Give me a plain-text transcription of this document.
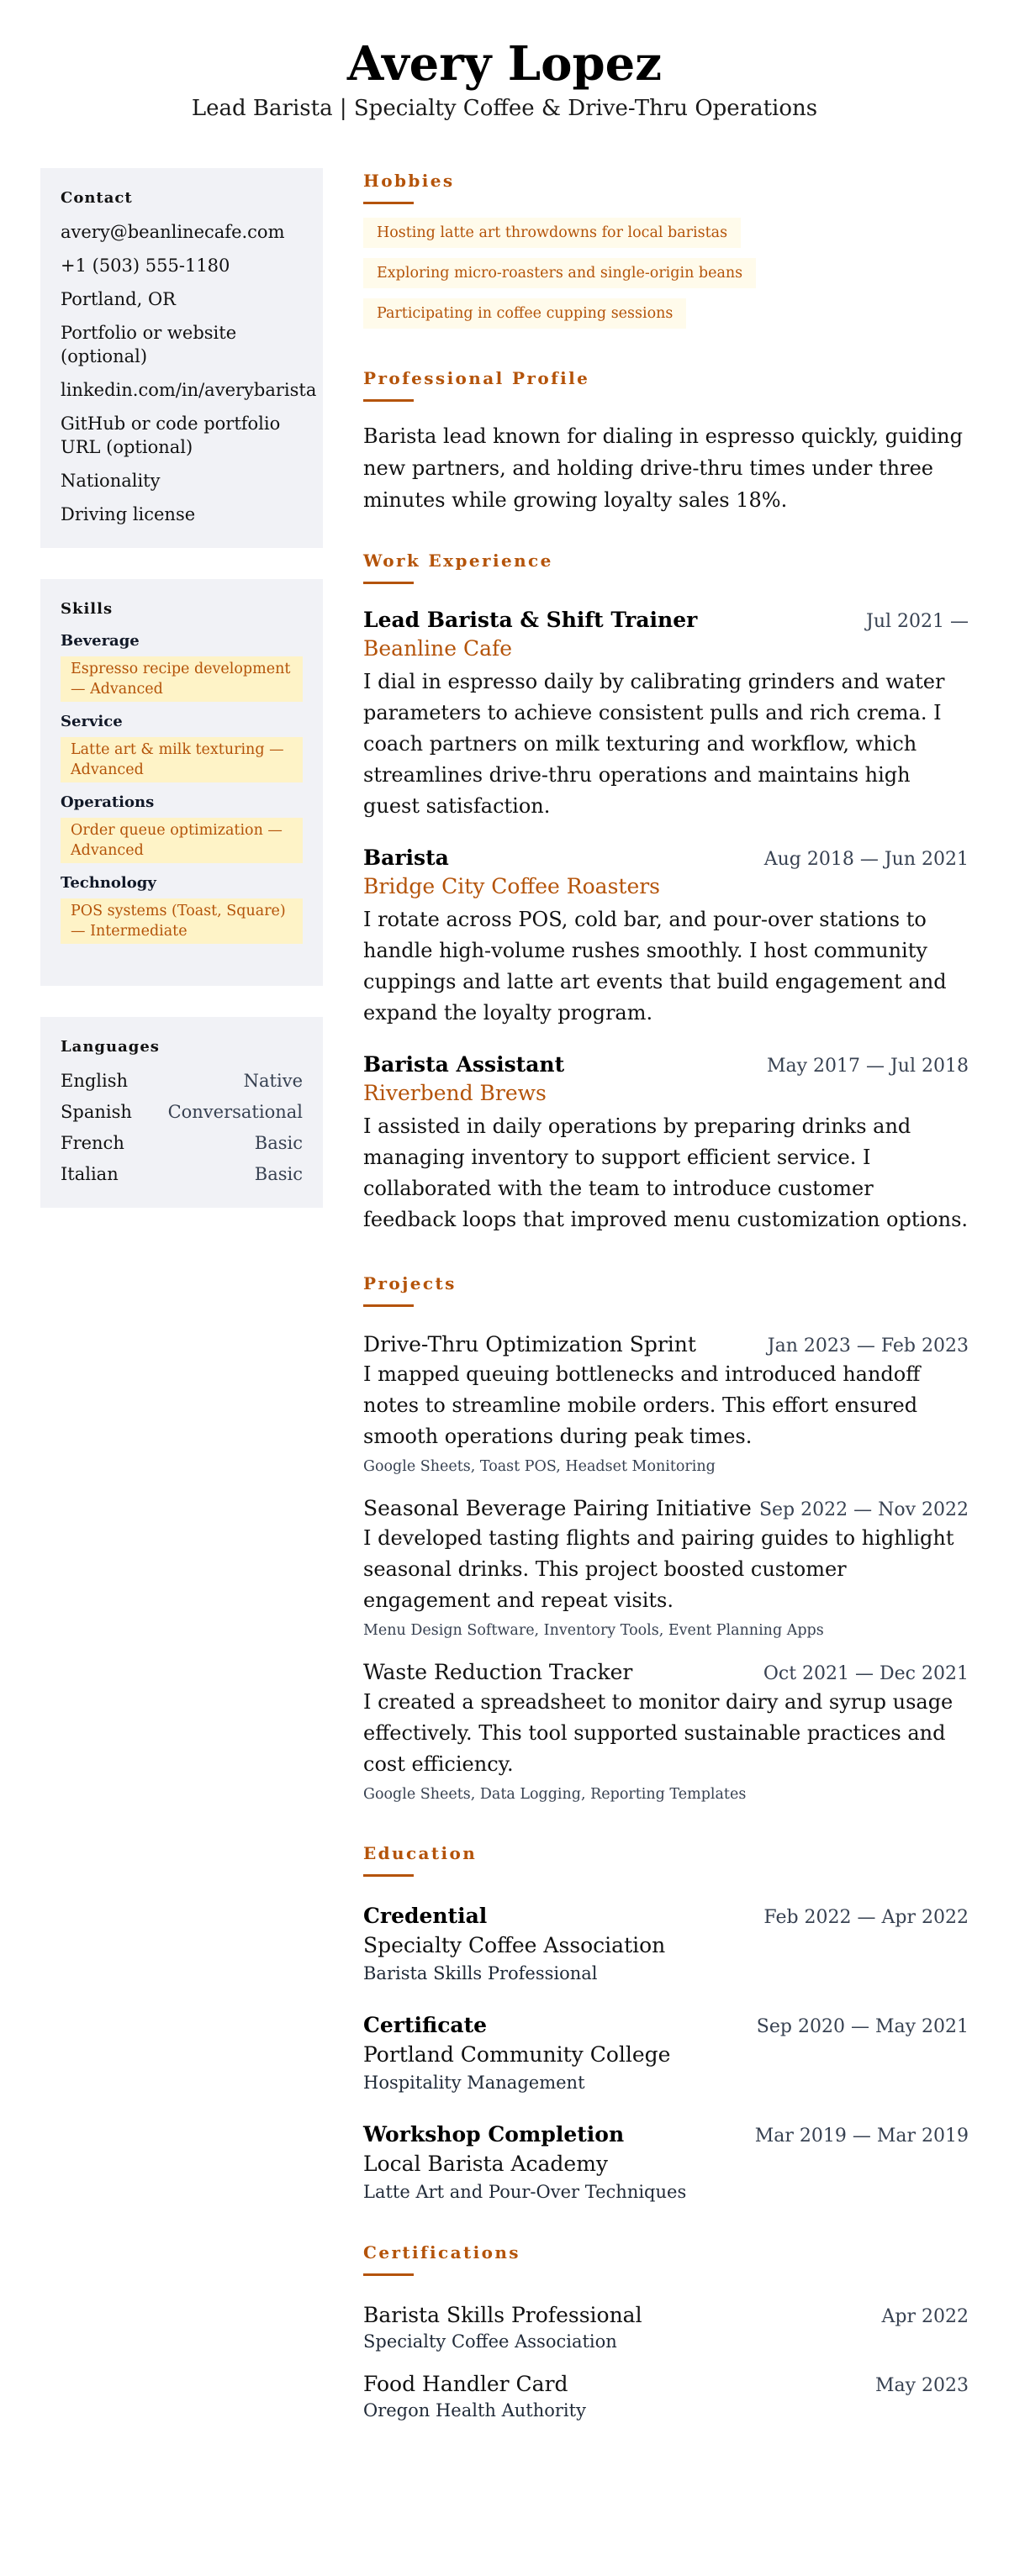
Avery Lopez
Lead Barista | Specialty Coffee & Drive-Thru Operations
Contact
avery@beanlinecafe.com
+1 (503) 555-1180
Portland, OR
Portfolio or website (optional)
linkedin.com/in/averybarista
GitHub or code portfolio URL (optional)
Nationality
Driving license
Skills
Beverage
Espresso recipe development — Advanced
Service
Latte art & milk texturing — Advanced
Operations
Order queue optimization — Advanced
Technology
POS systems (Toast, Square) — Intermediate
Languages
English	Native
Spanish Conversational
French	Basic
Italian	Basic
Hobbies
Hosting latte art throwdowns for local baristas
Exploring micro-roasters and single-origin beans
Participating in coffee cupping sessions
Professional Profile

Barista lead known for dialing in espresso quickly, guiding new partners, and holding drive-thru times under three minutes while growing loyalty sales 18%.

Work Experience
Lead Barista & Shift Trainer	Jul 2021 —
Beanline Cafe

I dial in espresso daily by calibrating grinders and water parameters to achieve consistent pulls and rich crema. I coach partners on milk texturing and workflow, which streamlines drive-thru operations and maintains high guest satisfaction.

Barista	Aug 2018 — Jun 2021
Bridge City Coffee Roasters

I rotate across POS, cold bar, and pour-over stations to handle high-volume rushes smoothly. I host community cuppings and latte art events that build engagement and expand the loyalty program.

Barista Assistant	May 2017 — Jul 2018
Riverbend Brews

I assisted in daily operations by preparing drinks and managing inventory to support efficient service. I collaborated with the team to introduce customer feedback loops that improved menu customization options.

Projects
Drive-Thru Optimization Sprint	Jan 2023 — Feb 2023

I mapped queuing bottlenecks and introduced handoff notes to streamline mobile orders. This effort ensured smooth operations during peak times.

Google Sheets, Toast POS, Headset Monitoring
Seasonal Beverage Pairing Initiative Sep 2022 — Nov 2022

I developed tasting flights and pairing guides to highlight seasonal drinks. This project boosted customer engagement and repeat visits.

Menu Design Software, Inventory Tools, Event Planning Apps
Waste Reduction Tracker	Oct 2021 — Dec 2021

I created a spreadsheet to monitor dairy and syrup usage effectively. This tool supported sustainable practices and cost efficiency.

Google Sheets, Data Logging, Reporting Templates
Education
Credential	Feb 2022 — Apr 2022
Specialty Coffee Association
Barista Skills Professional
Certificate	Sep 2020 — May 2021
Portland Community College
Hospitality Management
Workshop Completion	Mar 2019 — Mar 2019
Local Barista Academy
Latte Art and Pour-Over Techniques
Certifications
Barista Skills Professional	Apr 2022
Specialty Coffee Association
Food Handler Card	May 2023
Oregon Health Authority
